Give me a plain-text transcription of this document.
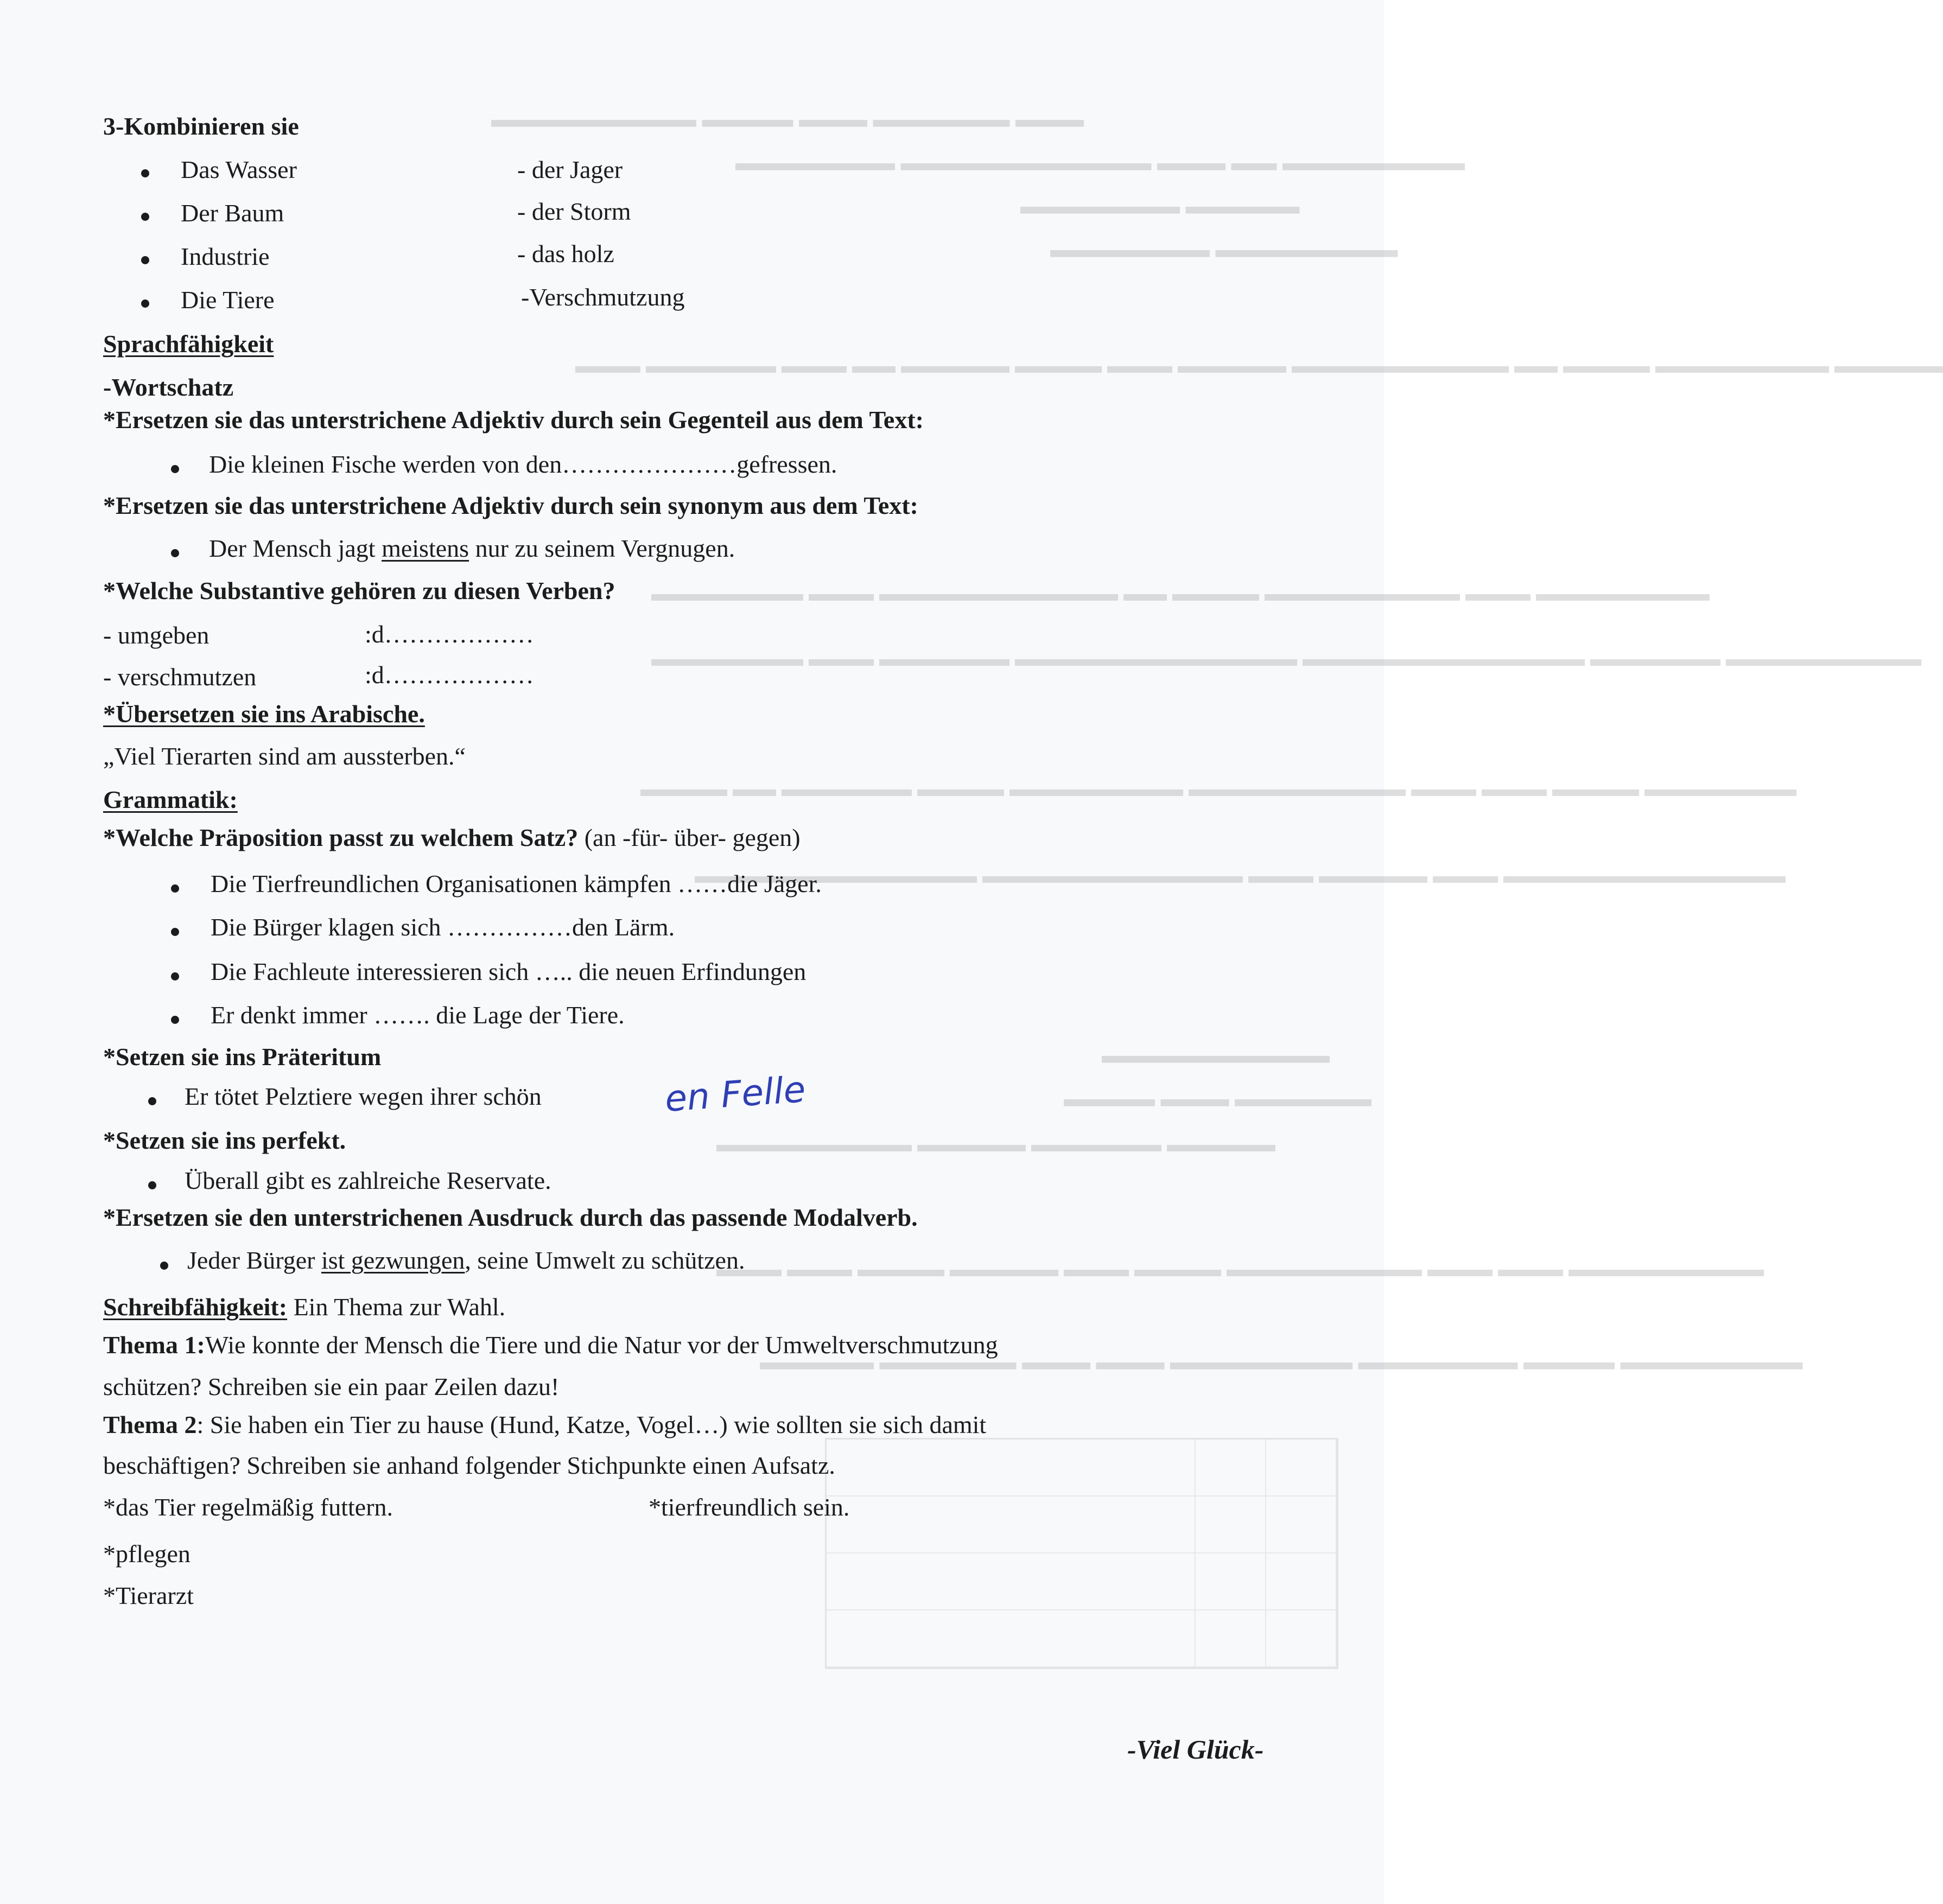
▬▬▬ ▬▬▬▬▬▬ ▬▬▬ ▬▬▬▬ ▬▬▬▬▬▬▬▬▬
▬▬▬▬▬▬▬▬ ▬▬ ▬▬▬ ▬▬▬▬▬▬▬▬▬▬▬ ▬▬▬▬▬▬▬
▬▬▬▬▬ ▬▬▬▬▬▬▬
▬▬▬▬▬▬▬▬ ▬▬▬▬▬▬▬
▬▬▬▬▬ ▬▬▬▬▬▬▬▬ ▬▬▬▬ ▬▬ ▬▬▬▬▬▬▬▬▬▬ ▬▬▬▬▬ ▬▬▬ ▬▬▬▬ ▬▬▬▬▬ ▬▬ ▬▬▬ ▬▬▬▬▬▬ ▬▬▬
▬▬▬▬▬▬▬▬ ▬▬▬ ▬▬▬▬▬▬▬▬▬ ▬▬▬▬ ▬▬ ▬▬▬▬▬▬▬▬▬▬▬ ▬▬▬ ▬▬▬▬▬▬▬
▬▬▬▬▬▬▬▬▬ ▬▬▬▬▬▬ ▬▬▬▬▬▬▬▬▬▬▬▬▬ ▬▬▬▬▬▬▬▬▬▬▬▬▬ ▬▬▬▬▬▬ ▬▬▬ ▬▬▬▬▬▬▬
▬▬▬▬▬▬▬ ▬▬▬▬ ▬▬▬ ▬▬▬ ▬▬▬▬▬▬▬▬▬▬ ▬▬▬▬▬▬▬▬ ▬▬▬▬ ▬▬▬▬▬▬ ▬▬ ▬▬▬▬
▬▬▬▬▬▬▬▬▬▬▬▬▬ ▬▬▬ ▬▬▬▬▬ ▬▬▬ ▬▬▬▬▬▬▬▬▬▬▬▬ ▬▬▬▬▬▬▬▬▬▬▬▬▬
▬▬▬▬▬▬▬▬▬▬
▬▬▬▬▬▬ ▬▬▬ ▬▬▬▬
▬▬▬▬▬ ▬▬▬▬▬▬ ▬▬▬▬▬ ▬▬▬▬▬▬▬▬▬
▬▬▬▬▬▬▬▬▬ ▬▬▬ ▬▬▬ ▬▬▬▬▬▬▬▬▬ ▬▬▬▬ ▬▬▬ ▬▬▬▬▬ ▬▬▬▬ ▬▬▬ ▬▬▬
▬▬▬▬▬▬▬▬ ▬▬▬▬ ▬▬▬▬▬▬▬ ▬▬▬▬▬▬▬▬ ▬▬▬ ▬▬▬ ▬▬▬▬▬▬ ▬▬▬▬▬
3-Kombinieren sie
Das Wasser	- der Jager
Der Baum	- der Storm
Industrie	- das holz
Die Tiere	-Verschmutzung
Sprachfähigkeit
-Wortschatz
*Ersetzen sie das unterstrichene Adjektiv durch sein Gegenteil aus dem Text:
Die kleinen Fische werden von den…………………gefressen.
*Ersetzen sie das unterstrichene Adjektiv durch sein synonym aus dem Text:
Der Mensch jagt meistens nur zu seinem Vergnugen.
*Welche Substantive gehören zu diesen Verben?
- umgeben	:d………………
- verschmutzen	:d………………
*Übersetzen sie ins Arabische.
„Viel Tierarten sind am aussterben.“
Grammatik:
*Welche Präposition passt zu welchem Satz? (an -für- über- gegen)
Die Tierfreundlichen Organisationen kämpfen ……die Jäger.
Die Bürger klagen sich ……………den Lärm.
Die Fachleute interessieren sich ….. die neuen Erfindungen
Er denkt immer ……. die Lage der Tiere.
*Setzen sie ins Präteritum
Er tötet Pelztiere wegen ihrer schön	en Felle
*Setzen sie ins perfekt.
Überall gibt es zahlreiche Reservate.
*Ersetzen sie den unterstrichenen Ausdruck durch das passende Modalverb.
Jeder Bürger ist gezwungen, seine Umwelt zu schützen.
Schreibfähigkeit: Ein Thema zur Wahl.
Thema 1:Wie konnte der Mensch die Tiere und die Natur vor der Umweltverschmutzung
schützen? Schreiben sie ein paar Zeilen dazu!
Thema 2: Sie haben ein Tier zu hause (Hund, Katze, Vogel…) wie sollten sie sich damit
beschäftigen? Schreiben sie anhand folgender Stichpunkte einen Aufsatz.
*das Tier regelmäßig futtern.	*tierfreundlich sein.
*pflegen
*Tierarzt
-Viel Glück-
